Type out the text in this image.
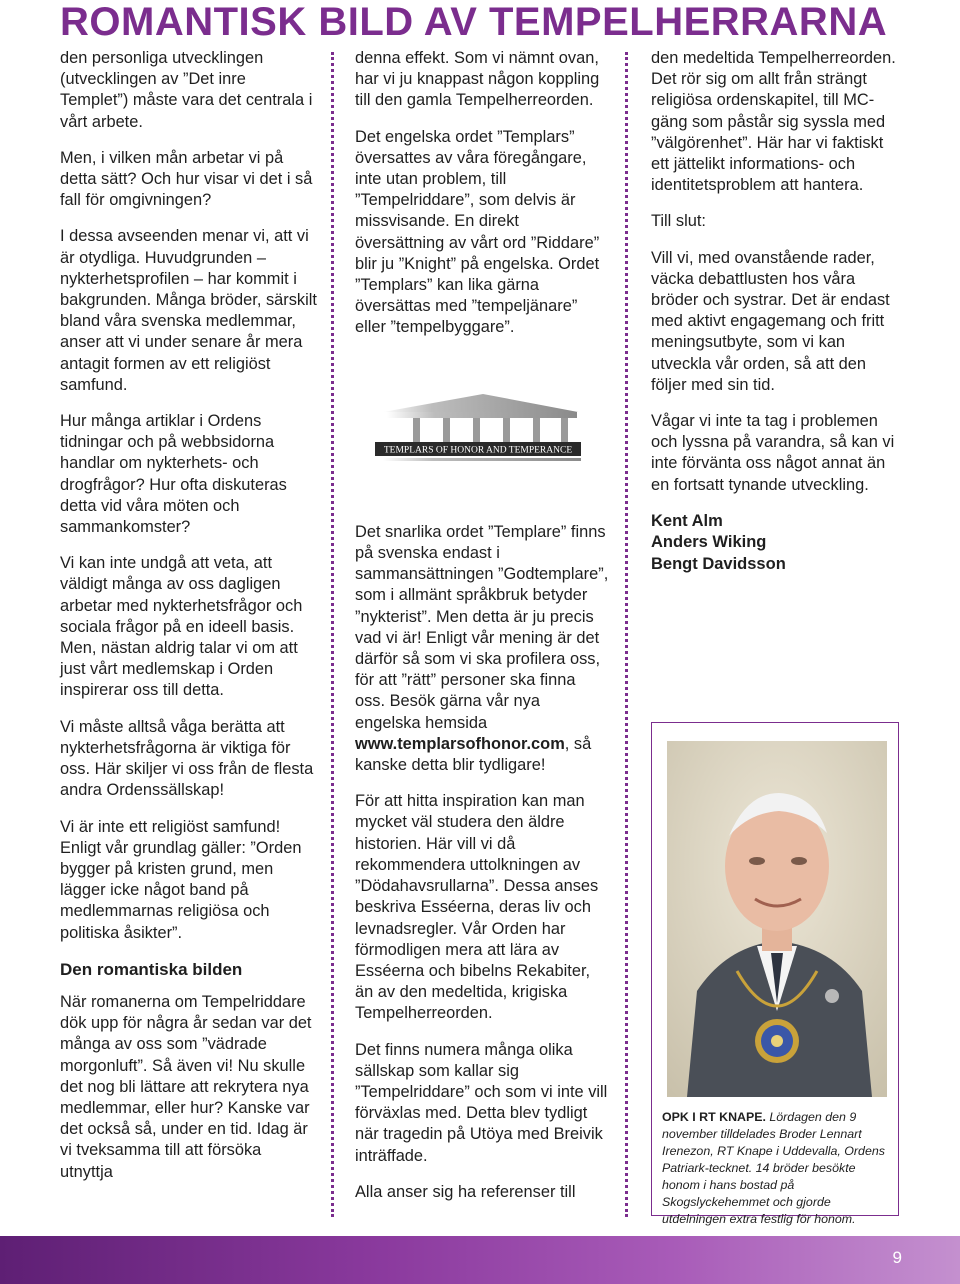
ROMANTISK BILD AV TEMPELHERRARNA

den personliga utvecklingen (utvecklingen av ”Det inre Templet”) måste vara det centrala i vårt arbete.

Men, i vilken mån arbetar vi på detta sätt? Och hur visar vi det i så fall för omgivningen?

I dessa avseenden menar vi, att vi är otydliga. Huvudgrunden – nykterhetsprofilen – har kommit i bakgrunden. Många bröder, särskilt bland våra svenska medlemmar, anser att vi under senare år mera antagit formen av ett religiöst samfund.

Hur många artiklar i Ordens tidningar och på webbsidorna handlar om nykterhets- och drogfrågor? Hur ofta diskuteras detta vid våra möten och sammankomster?

Vi kan inte undgå att veta, att väldigt många av oss dagligen arbetar med nykterhetsfrågor och sociala frågor på en ideell basis. Men, nästan aldrig talar vi om att just vårt medlemskap i Orden inspirerar oss till detta.

Vi måste alltså våga berätta att nykterhetsfrågorna är viktiga för oss. Här skiljer vi oss från de flesta andra Ordenssällskap!

Vi är inte ett religiöst samfund! Enligt vår grundlag gäller: ”Orden bygger på kristen grund, men lägger icke något band på medlemmarnas religiösa och politiska åsikter”.

Den romantiska bilden

När romanerna om Tempelriddare dök upp för några år sedan var det många av oss som ”vädrade morgonluft”. Så även vi! Nu skulle det nog bli lättare att rekrytera nya medlemmar, eller hur? Kanske var det också så, under en tid. Idag är vi tveksamma till att försöka utnyttja

denna effekt. Som vi nämnt ovan, har vi ju knappast någon koppling till den gamla Tempelherreorden.

Det engelska ordet ”Templars” översattes av våra föregångare, inte utan problem, till ”Tempelriddare”, som delvis är missvisande. En direkt översättning av vårt ord ”Riddare” blir ju ”Knight” på engelska. Ordet ”Templars” kan lika gärna översättas med ”tempeljänare” eller ”tempelbyggare”.

TEMPLARS OF HONOR AND TEMPERANCE

Det snarlika ordet ”Templare” finns på svenska endast i sammansättningen ”Godtemplare”, som i allmänt språkbruk betyder ”nykterist”. Men detta är ju precis vad vi är! Enligt vår mening är det därför så som vi ska profilera oss, för att ”rätt” personer ska finna oss. Besök gärna vår nya engelska hemsida www.templarsofhonor.com, så kanske detta blir tydligare!

För att hitta inspiration kan man mycket väl studera den äldre historien. Här vill vi då rekommendera uttolkningen av ”Dödahavsrullarna”. Dessa anses beskriva Esséerna, deras liv och levnadsregler. Vår Orden har förmodligen mera att lära av Esséerna och bibelns Rekabiter, än av den medeltida, krigiska Tempelherreorden.

Det finns numera många olika sällskap som kallar sig ”Tempelriddare” och som vi inte vill förväxlas med. Detta blev tydligt när tragedin på Utöya med Breivik inträffade.

Alla anser sig ha referenser till

den medeltida Tempelherreorden. Det rör sig om allt från strängt religiösa ordenskapitel, till MC-gäng som påstår sig syssla med ”välgörenhet”. Här har vi faktiskt ett jättelikt informations- och identitetsproblem att hantera.

Till slut:

Vill vi, med ovanstående rader, väcka debattlusten hos våra bröder och systrar. Det är endast med aktivt engagemang och fritt meningsutbyte, som vi kan utveckla vår orden, så att den följer med sin tid.

Vågar vi inte ta tag i problemen och lyssna på varandra, så kan vi inte förvänta oss något annat än en fortsatt tynande utveckling.

Kent Alm
Anders Wiking
Bengt Davidsson
OPK I RT KNAPE. Lördagen den 9 november tilldelades Broder Lennart Irenezon, RT Knape i Uddevalla, Ordens Patriark-tecknet. 14 bröder besökte honom i hans bostad på Skogslyckehemmet och gjorde utdelningen extra festlig för honom.
9
